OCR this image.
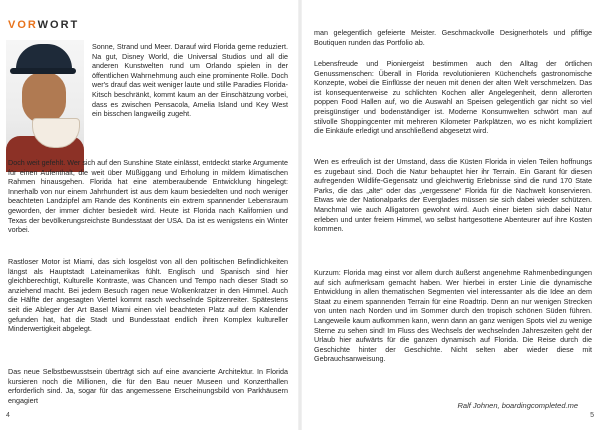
VORWORT

Sonne, Strand und Meer. Darauf wird Florida gerne reduziert. Na gut, Disney World, die Universal Studios und all die anderen Kunstwelten rund um Orlando spielen in der öffentlichen Wahrnehmung auch eine prominente Rolle. Doch wer's drauf das weit weniger laute und stille Paradies Florida-Kitsch beschränkt, kommt kaum an der Einschätzung vorbei, dass es zwischen Pensacola, Amelia Island und Key West ein bisschen langweilig zugeht.

Doch weit gefehlt. Wer sich auf den Sunshine State einlässt, entdeckt starke Argumente für einen Aufenthalt, die weit über Müßiggang und Erholung in mildem klimatischen Rahmen hinausgehen. Florida hat eine atemberaubende Entwicklung hingelegt: Innerhalb von nur einem Jahrhundert ist aus dem kaum besiedelten und noch weniger beachteten Landzipfel am Rande des Kontinents ein extrem spannender Lebensraum geworden, der immer dichter besiedelt wird. Heute ist Florida nach Kalifornien und Texas der bevölkerungsreichste Bundesstaat der USA. Da ist es wenigstens ein Winter vorbei.

Rastloser Motor ist Miami, das sich losgelöst von all den politischen Befindlichkeiten längst als Hauptstadt Lateinamerikas fühlt. Englisch und Spanisch sind hier gleichberechtigt, Kulturelle Kontraste, was Chancen und Tempo nach dieser Stadt so anziehend macht. Bei jedem Besuch ragen neue Wolkenkratzer in den Himmel. Auch die Hälfte der angesagten Viertel kommt rasch wechselnde Spitzenreiter. Spätestens seit die Ableger der Art Basel Miami einen viel beachteten Platz auf dem Kalender gefunden hat, hat die Stadt und Bundesstaat endlich ihren Komplex kultureller Minderwertigkeit abgelegt.

Das neue Selbstbewusstsein überträgt sich auf eine avancierte Architektur. In Florida kursieren noch die Millionen, die für den Bau neuer Museen und Konzerthallen erforderlich sind. Ja, sogar für das angemessene Erscheinungsbild von Parkhäusern engagiert

4

man gelegentlich gefeierte Meister. Geschmackvolle Designerhotels und pfiffige Boutiquen runden das Portfolio ab.

Lebensfreude und Pioniergeist bestimmen auch den Alltag der örtlichen Genussmenschen: Überall in Florida revolutionieren Küchenchefs gastronomische Konzepte, wobei die Einflüsse der neuen mit denen der alten Welt verschmelzen. Das ist konsequenterweise zu schlichten Kochen aller Angelegenheit, denn allerorten poppen Food Hallen auf, wo die Auswahl an Speisen gelegentlich gar nicht so viel preisgünstiger und bodenständiger ist. Moderne Konsumwelten schwört man auf stilvolle Shoppingcenter mit mehreren Kilometer Parkplätzen, wo es nicht kompliziert die Einkäufe erledigt und anschließend abgesetzt wird.

Wen es erfreulich ist der Umstand, dass die Küsten Florida in vielen Teilen hoffnungs es zugebaut sind. Doch die Natur behauptet hier ihr Terrain. Ein Garant für diesen aufregenden Wildlife-Gegensatz und gleichwertig Erlebnisse sind die rund 170 State Parks, die das „alte“ oder das „vergessene“ Florida für die Nachwelt konservieren. Etwas wie der Nationalparks der Everglades müssen sie sich dabei wieder schützen. Manchmal wie auch Alligatoren gewohnt wird. Auch einer bieten sich dabei Natur erleben und unter freiem Himmel, wo selbst hartgesottene Abenteurer auf ihre Kosten kommen.

Kurzum: Florida mag einst vor allem durch äußerst angenehme Rahmenbedingungen auf sich aufmerksam gemacht haben. Wer hierbei in erster Linie die dynamische Entwicklung in allen thematischen Segmenten viel interessanter als die Idee an dem Staat zu einem spannenden Terrain für eine Roadtrip. Denn an nur wenigen Strecken von unten nach Norden und im Sommer durch den tropisch schönen Süden führen. Langeweile kaum aufkommen kann, wenn dann an ganz wenigen Spots viel zu wenige Sterne zu sehen sind! Im Fluss des Wechsels der wechselnden Jahreszeiten geht der Urlaub hier aufwärts für die ganzen dynamisch auf Florida. Die Reise durch die Geschichte hinter der Geschichte. Nicht selten aber wieder diese mit Gebrauchsanweisung.

Ralf Johnen, boardingcompleted.me
5
